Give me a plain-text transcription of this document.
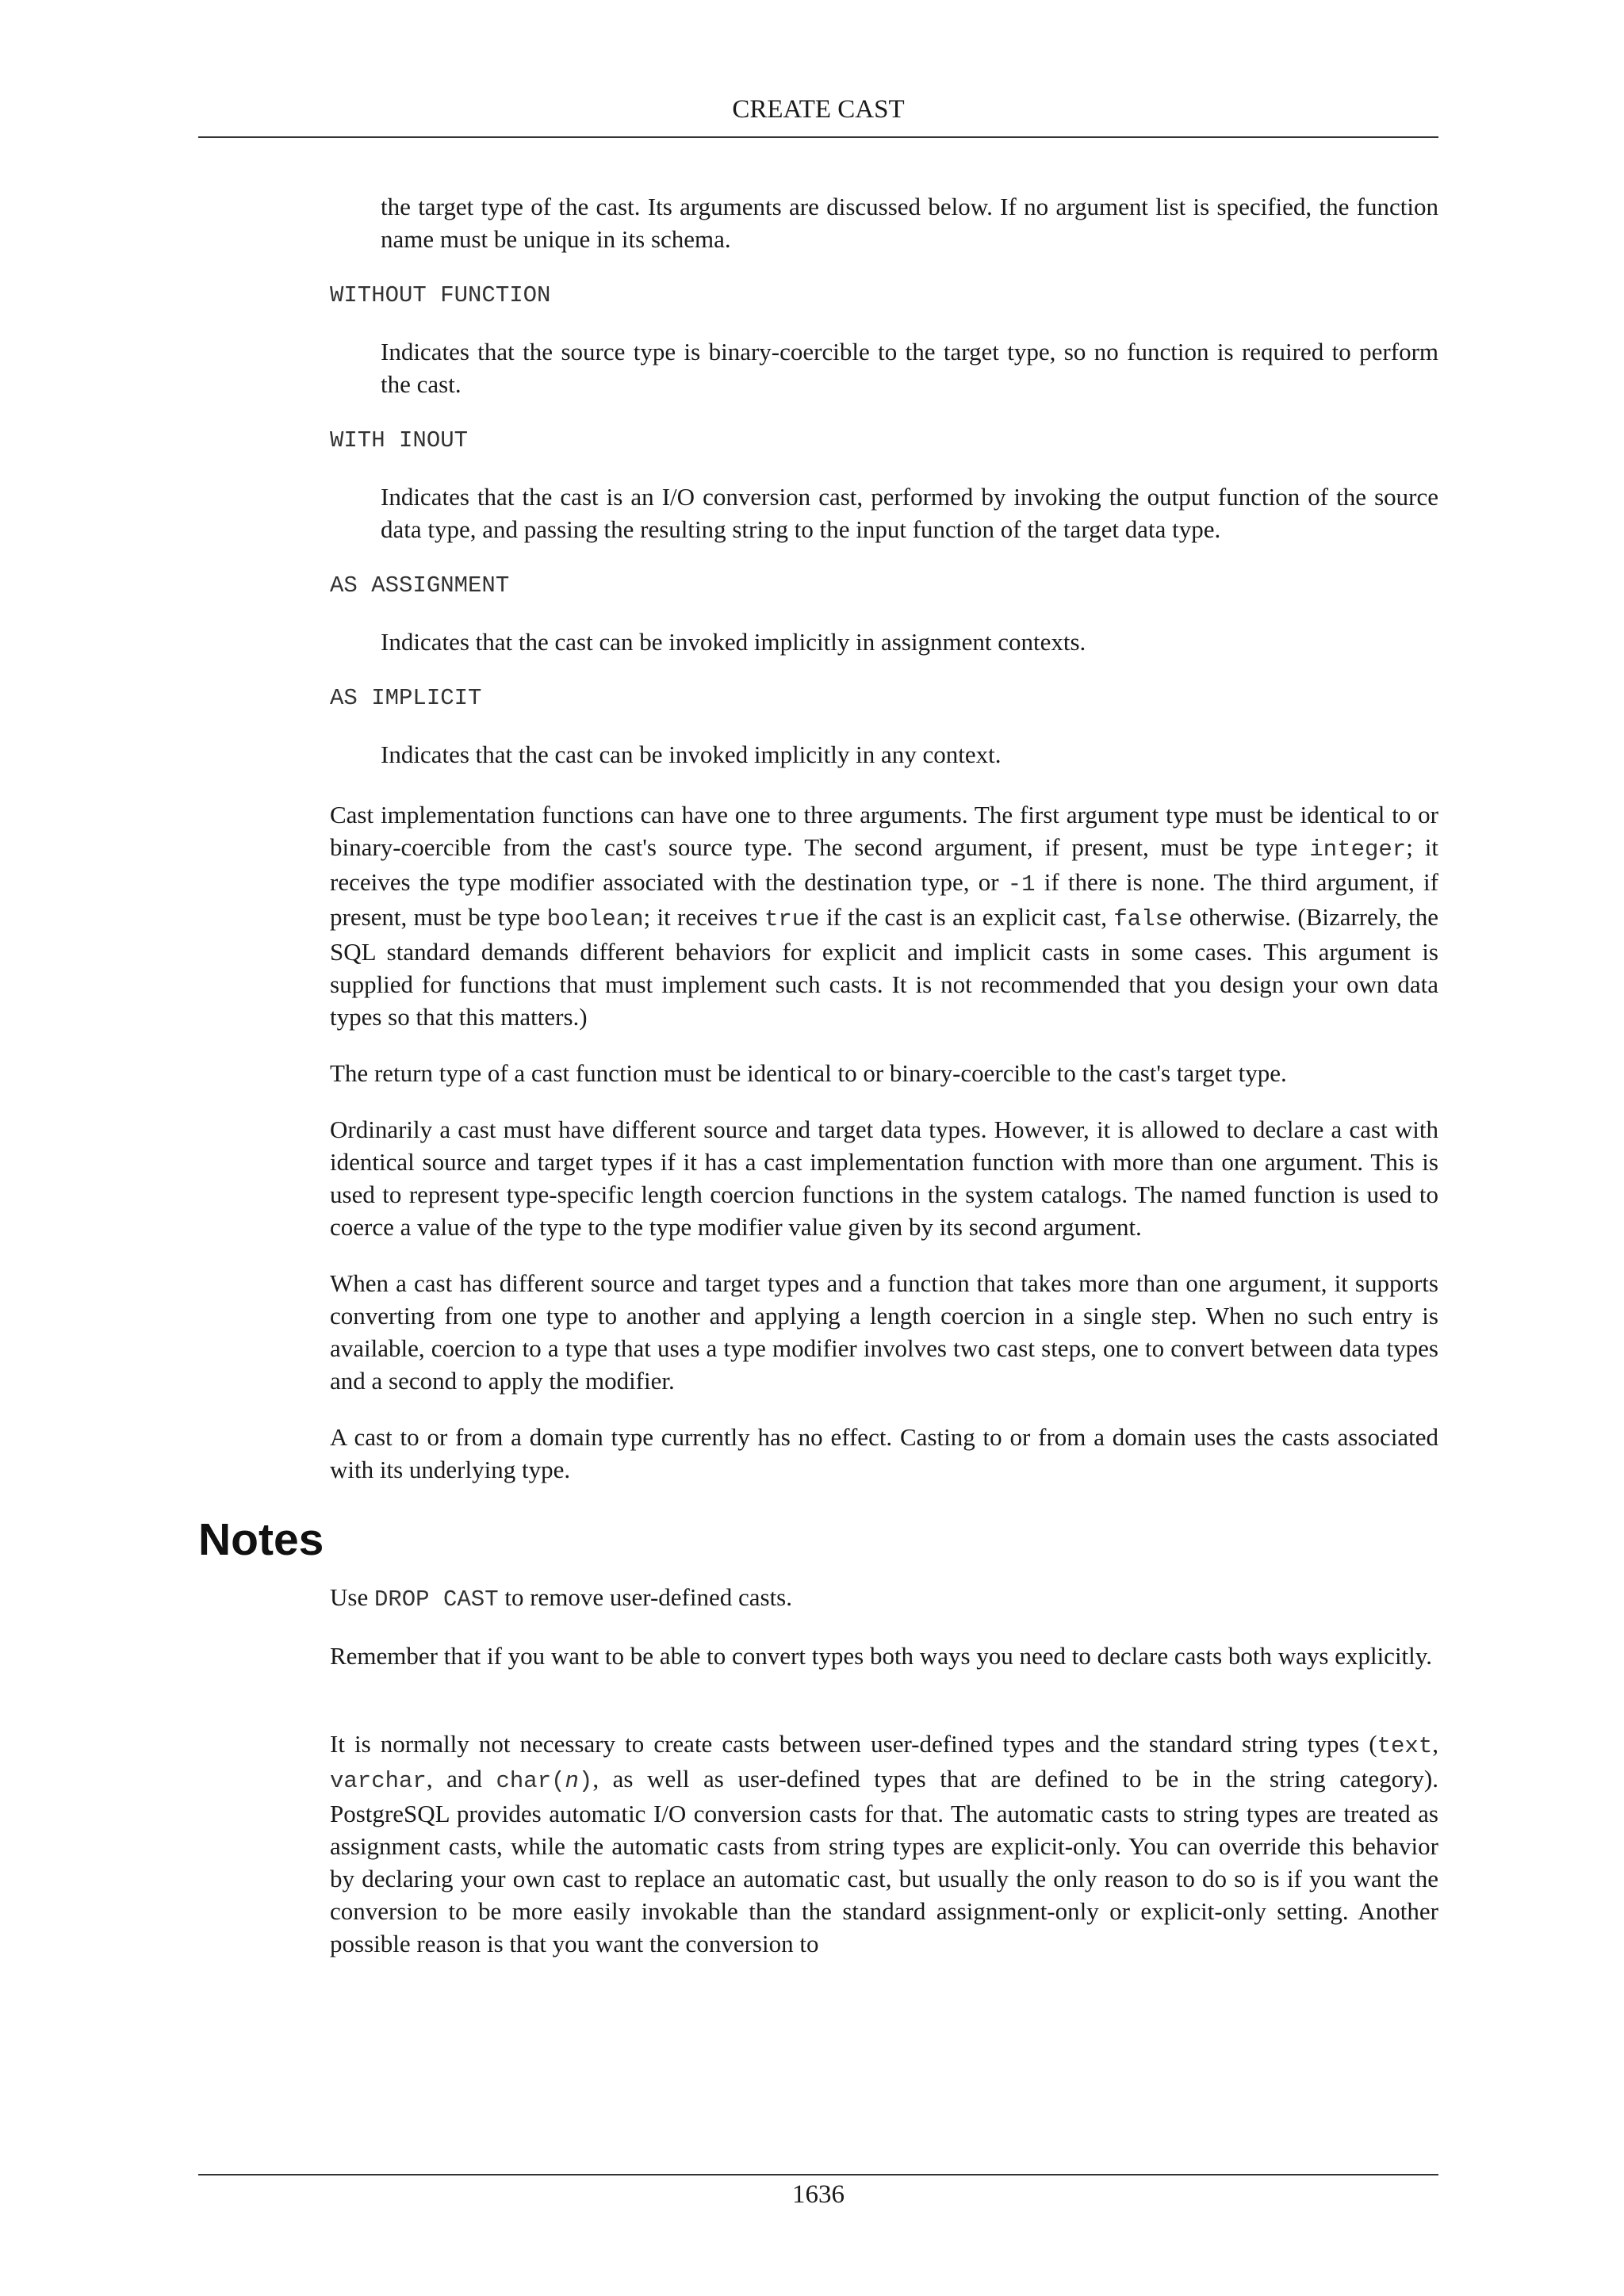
CREATE CAST

the target type of the cast. Its arguments are discussed below. If no argument list is specified, the function name must be unique in its schema.

WITHOUT FUNCTION

Indicates that the source type is binary-coercible to the target type, so no function is required to perform the cast.

WITH INOUT

Indicates that the cast is an I/O conversion cast, performed by invoking the output function of the source data type, and passing the resulting string to the input function of the target data type.

AS ASSIGNMENT

Indicates that the cast can be invoked implicitly in assignment contexts.

AS IMPLICIT

Indicates that the cast can be invoked implicitly in any context.

Cast implementation functions can have one to three arguments. The first argument type must be identical to or binary-coercible from the cast's source type. The second argument, if present, must be type integer; it receives the type modifier associated with the destination type, or -1 if there is none. The third argument, if present, must be type boolean; it receives true if the cast is an explicit cast, false otherwise. (Bizarrely, the SQL standard demands different behaviors for explicit and implicit casts in some cases. This argument is supplied for functions that must implement such casts. It is not recommended that you design your own data types so that this matters.)

The return type of a cast function must be identical to or binary-coercible to the cast's target type.

Ordinarily a cast must have different source and target data types. However, it is allowed to declare a cast with identical source and target types if it has a cast implementation function with more than one argument. This is used to represent type-specific length coercion functions in the system catalogs. The named function is used to coerce a value of the type to the type modifier value given by its second argument.

When a cast has different source and target types and a function that takes more than one argument, it supports converting from one type to another and applying a length coercion in a single step. When no such entry is available, coercion to a type that uses a type modifier involves two cast steps, one to convert between data types and a second to apply the modifier.

A cast to or from a domain type currently has no effect. Casting to or from a domain uses the casts associated with its underlying type.

Notes

Use DROP CAST to remove user-defined casts.

Remember that if you want to be able to convert types both ways you need to declare casts both ways explicitly.

It is normally not necessary to create casts between user-defined types and the standard string types (text, varchar, and char(n), as well as user-defined types that are defined to be in the string category). PostgreSQL provides automatic I/O conversion casts for that. The automatic casts to string types are treated as assignment casts, while the automatic casts from string types are explicit-only. You can override this behavior by declaring your own cast to replace an automatic cast, but usually the only reason to do so is if you want the conversion to be more easily invokable than the standard assignment-only or explicit-only setting. Another possible reason is that you want the conversion to

1636
